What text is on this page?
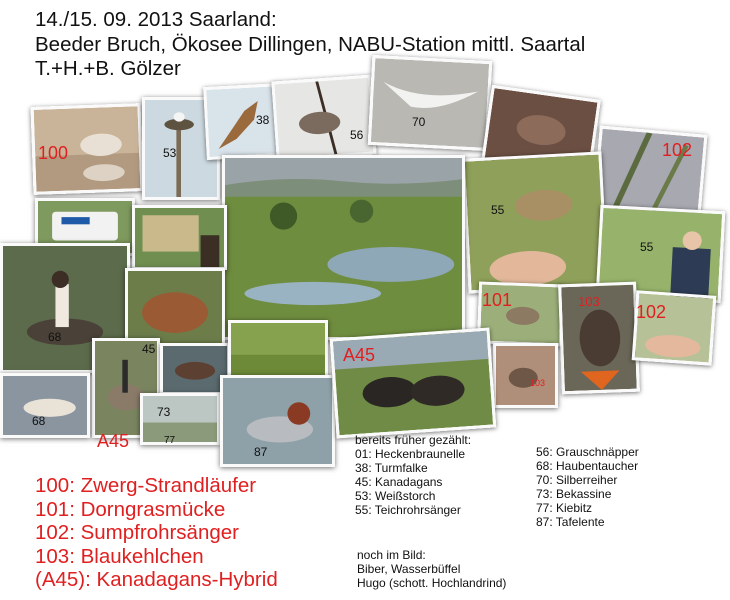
14./15. 09. 2013 Saarland:
Beeder Bruch, Ökosee Dillingen, NABU-Station mittl. Saartal
T.+H.+B. Gölzer
100	53
38
56
70
102
55
55
101	103
102
103
68
45
68
73
77
A45
87
A45
bereits früher gezählt:
01: Heckenbraunelle
38: Turmfalke
45: Kanadagans
53: Weißstorch
55: Teichrohrsänger
56: Grauschnäpper
68: Haubentaucher
70: Silberreiher
73: Bekassine
77: Kiebitz
87: Tafelente
100: Zwerg-Strandläufer
101: Dorngrasmücke
102: Sumpfrohrsänger
103: Blaukehlchen
(A45): Kanadagans-Hybrid
noch im Bild:
Biber, Wasserbüffel
Hugo (schott. Hochlandrind)
